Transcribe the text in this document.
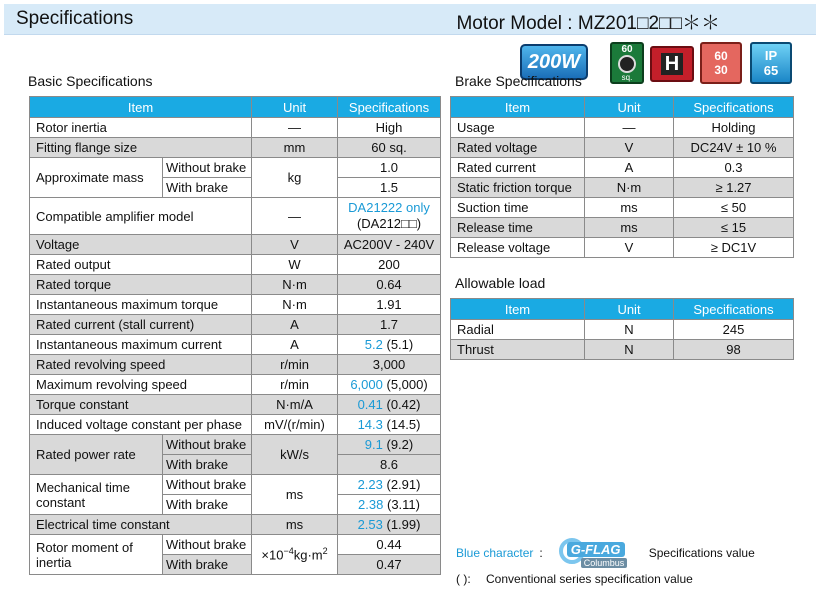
Specifications	Motor Model : MZ201□2□□＊＊
200W
60
sq.
H	60
30
IP
65
Basic Specifications
Item		Unit	Specifications
Rotor inertia		—	High
Fitting flange size		mm	60 sq.
Approximate mass	Without brake	kg	1.0
	With brake		1.5
Compatible amplifier model		—	DA21222 only
(DA212□□)

Voltage		V	AC200V - 240V
Rated output		W	200
Rated torque		N·m	0.64
Instantaneous maximum torque		N·m	1.91
Rated current (stall current)		A	1.7
Instantaneous maximum current		A	5.2 (5.1)
Rated revolving speed		r/min	3,000
Maximum revolving speed		r/min	6,000 (5,000)
Torque constant		N·m/A	0.41 (0.42)
Induced voltage constant per phase		mV/(r/min)	14.3 (14.5)
Rated power rate	Without brake	kW/s	9.1 (9.2)
	With brake		8.6
Mechanical time constant	Without brake	ms	2.23 (2.91)
	With brake		2.38 (3.11)
Electrical time constant		ms	2.53 (1.99)
Rotor moment of inertia	Without brake	$\times 10^{-4}kg\cdot m^2$	0.44
	With brake		0.47
Brake Specifications
Item	Unit	Specifications
Usage	—	Holding
Rated voltage	V	DC24V ± 10 %
Rated current	A	0.3
Static friction torque	N·m	≥ 1.27
Suction time	ms	≤ 50
Release time	ms	≤ 15
Release voltage	V	≥ DC1V
Allowable load
Item	Unit	Specifications
Radial	N	245
Thrust	N	98
Blue character :	G-FLAG
Columbus
Specifications value
( ): Conventional series specification value
